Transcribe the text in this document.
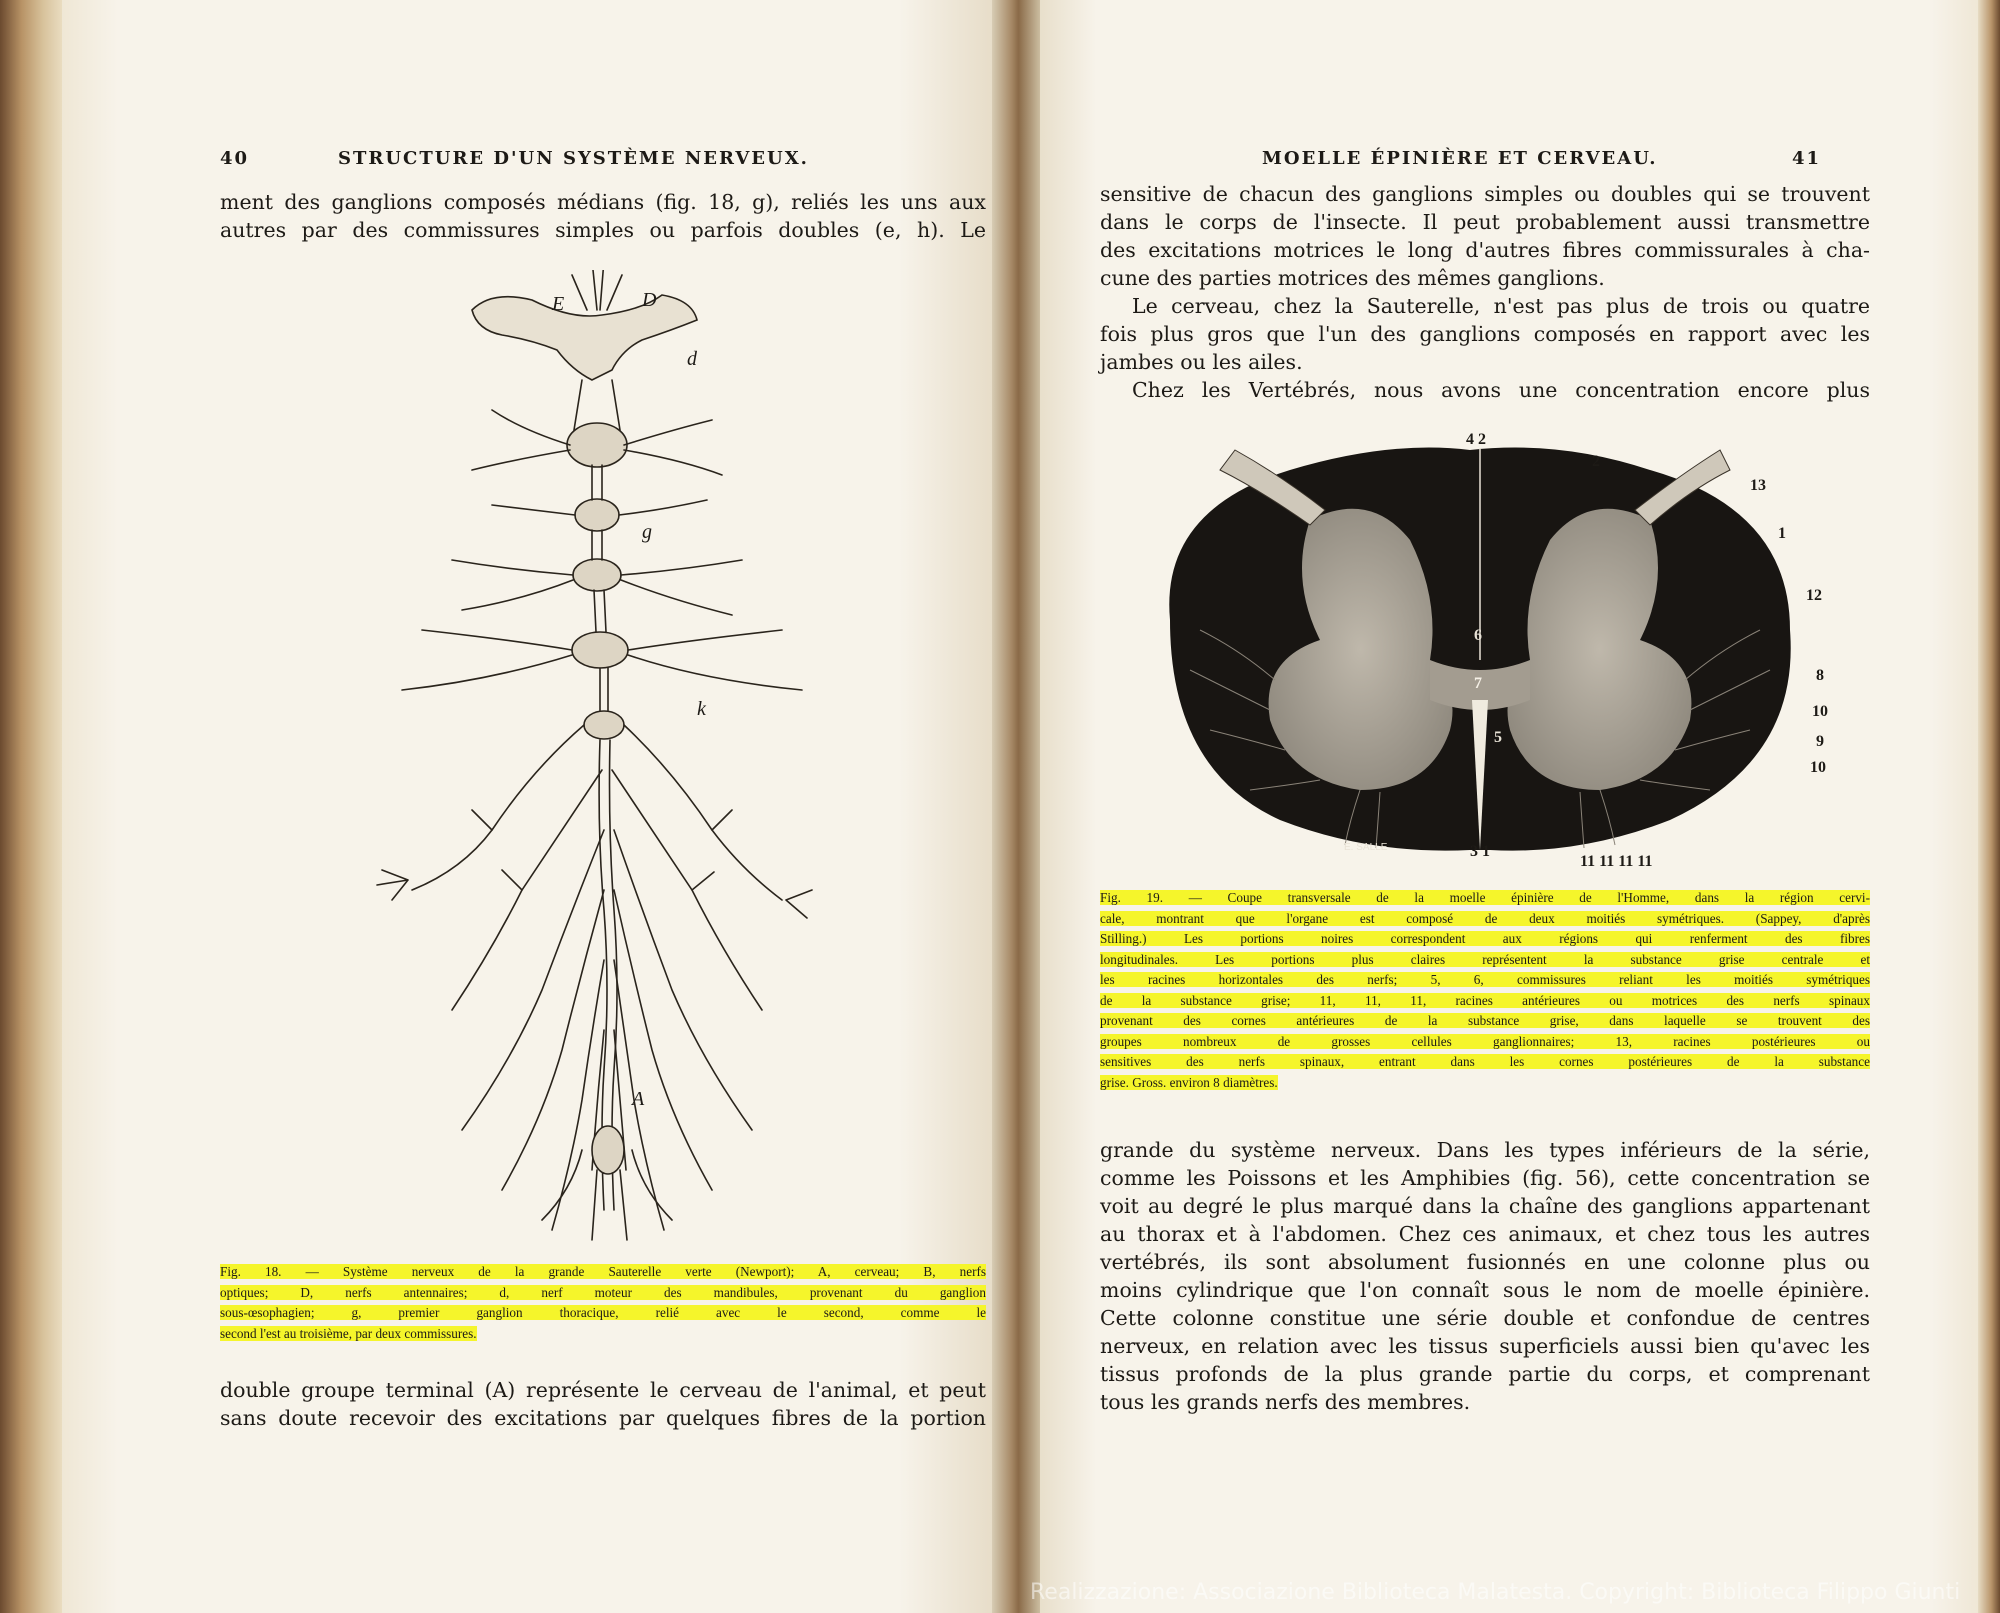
40	STRUCTURE D'UN SYSTÈME NERVEUX.
ment des ganglions composés médians (fig. 18, g), reliés les uns aux
autres par des commissures simples ou parfois doubles (e, h). Le
E	D
d
g
k
A
Fig. 18. — Système nerveux de la grande Sauterelle verte (Newport); A, cerveau; B, nerfs
optiques; D, nerfs antennaires; d, nerf moteur des mandibules, provenant du ganglion
sous-œsophagien; g, premier ganglion thoracique, relié avec le second, comme le
second l'est au troisième, par deux commissures.
double groupe terminal (A) représente le cerveau de l'animal, et peut
sans doute recevoir des excitations par quelques fibres de la portion
MOELLE ÉPINIÈRE ET CERVEAU.	41
sensitive de chacun des ganglions simples ou doubles qui se trouvent
dans le corps de l'insecte. Il peut probablement aussi transmettre
des excitations motrices le long d'autres fibres commissurales à cha-
cune des parties motrices des mêmes ganglions.
Le cerveau, chez la Sauterelle, n'est pas plus de trois ou quatre
fois plus gros que l'un des ganglions composés en rapport avec les
jambes ou les ailes.
Chez les Vertébrés, nous avons une concentration encore plus
4 2
2
13
1
12
6
7
5
8
10
9
10
3 1
11 11 11 11
E. SALLE
Fig. 19. — Coupe transversale de la moelle épinière de l'Homme, dans la région cervi-
cale, montrant que l'organe est composé de deux moitiés symétriques. (Sappey, d'après
Stilling.) Les portions noires correspondent aux régions qui renferment des fibres
longitudinales. Les portions plus claires représentent la substance grise centrale et
les racines horizontales des nerfs; 5, 6, commissures reliant les moitiés symétriques
de la substance grise; 11, 11, 11, racines antérieures ou motrices des nerfs spinaux
provenant des cornes antérieures de la substance grise, dans laquelle se trouvent des
groupes nombreux de grosses cellules ganglionnaires; 13, racines postérieures ou
sensitives des nerfs spinaux, entrant dans les cornes postérieures de la substance
grise. Gross. environ 8 diamètres.
grande du système nerveux. Dans les types inférieurs de la série,
comme les Poissons et les Amphibies (fig. 56), cette concentration se
voit au degré le plus marqué dans la chaîne des ganglions appartenant
au thorax et à l'abdomen. Chez ces animaux, et chez tous les autres
vertébrés, ils sont absolument fusionnés en une colonne plus ou
moins cylindrique que l'on connaît sous le nom de moelle épinière.
Cette colonne constitue une série double et confondue de centres
nerveux, en relation avec les tissus superficiels aussi bien qu'avec les
tissus profonds de la plus grande partie du corps, et comprenant
tous les grands nerfs des membres.
Realizzazione: Associazione Biblioteca Malatesta. Copyright: Biblioteca Filippo Giunti
